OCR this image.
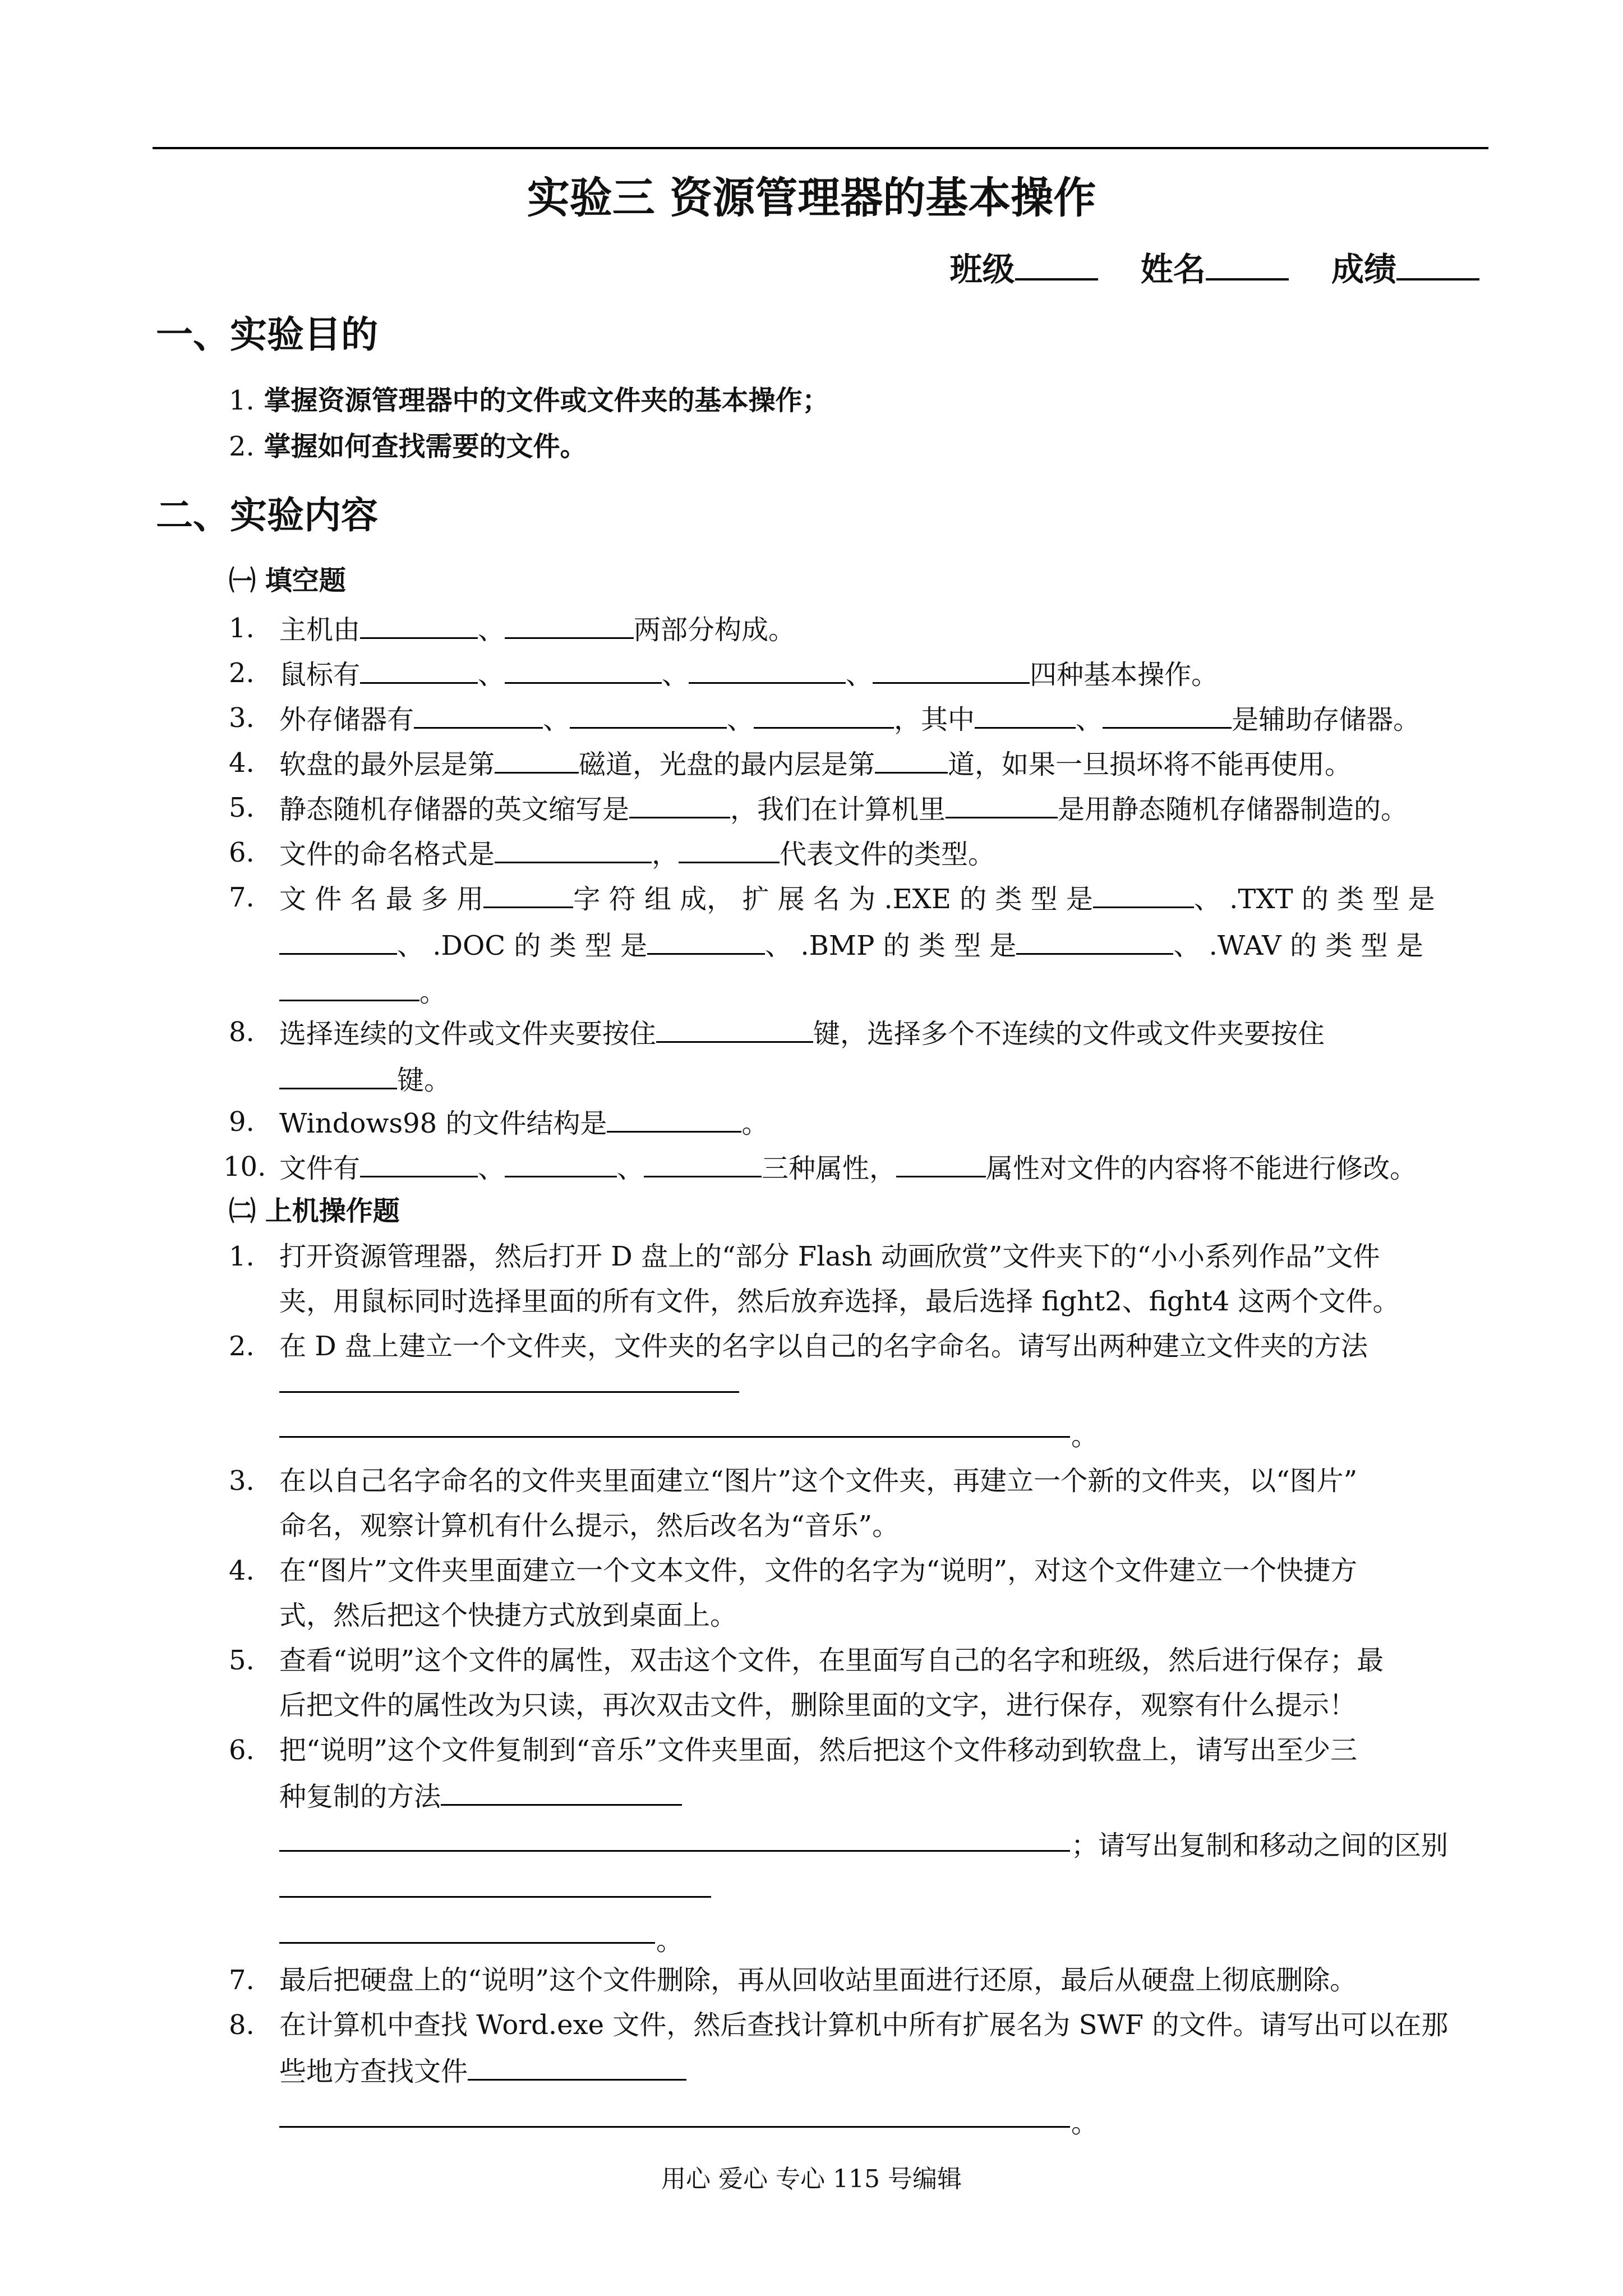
实验三 资源管理器的基本操作
班级	姓名	成绩
一、实验目的
1. 掌握资源管理器中的文件或文件夹的基本操作；
2. 掌握如何查找需要的文件。
二、实验内容
㈠ 填空题
1. 主机由	、	两部分构成。
2. 鼠标有	、	、	、	四种基本操作。
3. 外存储器有	、	、	，其中	、	是辅助存储器。
4. 软盘的最外层是第	磁道，光盘的最内层是第	道，如果一旦损坏将不能再使用。
5. 静态随机存储器的英文缩写是	，我们在计算机里	是用静态随机存储器制造的。
6. 文件的命名格式是	，	代表文件的类型。
7. 文 件 名 最 多 用	字 符 组 成， 扩 展 名 为 .EXE 的 类 型 是	、 .TXT 的 类 型 是
、 .DOC 的 类 型 是	、 .BMP 的 类 型 是	、 .WAV 的 类 型 是
。
8. 选择连续的文件或文件夹要按住	键，选择多个不连续的文件或文件夹要按住
键。
9. Windows98 的文件结构是	。
10. 文件有	、	、	三种属性，	属性对文件的内容将不能进行修改。
㈡ 上机操作题
1. 打开资源管理器，然后打开 D 盘上的“部分 Flash 动画欣赏”文件夹下的“小小系列作品”文件
夹，用鼠标同时选择里面的所有文件，然后放弃选择，最后选择 fight2、fight4 这两个文件。
2. 在 D 盘上建立一个文件夹，文件夹的名字以自己的名字命名。请写出两种建立文件夹的方法
。
3. 在以自己名字命名的文件夹里面建立“图片”这个文件夹，再建立一个新的文件夹，以“图片”
命名，观察计算机有什么提示，然后改名为“音乐”。
4. 在“图片”文件夹里面建立一个文本文件，文件的名字为“说明”，对这个文件建立一个快捷方
式，然后把这个快捷方式放到桌面上。
5. 查看“说明”这个文件的属性，双击这个文件，在里面写自己的名字和班级，然后进行保存；最
后把文件的属性改为只读，再次双击文件，删除里面的文字，进行保存，观察有什么提示！
6. 把“说明”这个文件复制到“音乐”文件夹里面，然后把这个文件移动到软盘上，请写出至少三
种复制的方法
；请写出复制和移动之间的区别
。
7. 最后把硬盘上的“说明”这个文件删除，再从回收站里面进行还原，最后从硬盘上彻底删除。
8. 在计算机中查找 Word.exe 文件，然后查找计算机中所有扩展名为 SWF 的文件。请写出可以在那
些地方查找文件
。
用心 爱心 专心 115 号编辑
